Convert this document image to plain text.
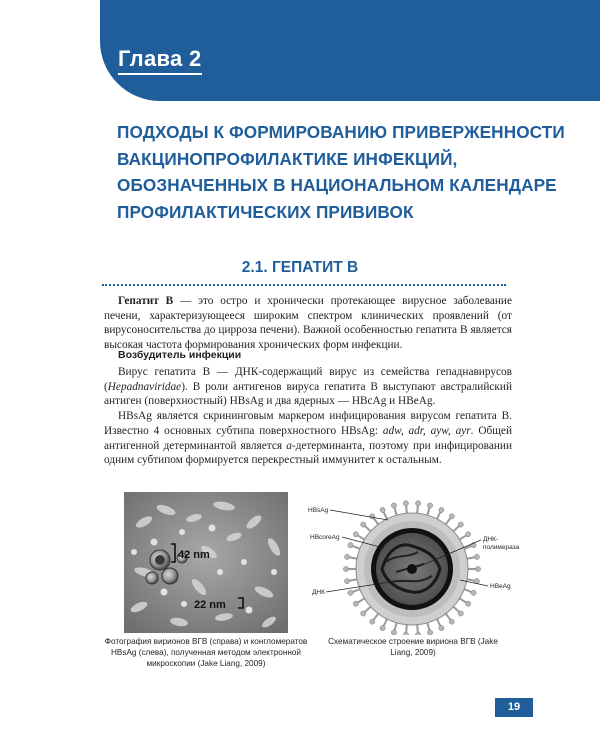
Глава 2
ПОДХОДЫ К ФОРМИРОВАНИЮ ПРИВЕРЖЕННОСТИ
ВАКЦИНОПРОФИЛАКТИКЕ ИНФЕКЦИЙ,
ОБОЗНАЧЕННЫХ В НАЦИОНАЛЬНОМ КАЛЕНДАРЕ
ПРОФИЛАКТИЧЕСКИХ ПРИВИВОК
2.1. ГЕПАТИТ В

Гепатит В — это остро и хронически протекающее вирусное заболевание печени, характеризующееся широким спектром клинических проявлений (от вирусоносительства до цирроза печени). Важной особенностью гепатита В является высокая частота формирования хронических форм инфекции.

Возбудитель инфекции

Вирус гепатита В — ДНК-содержащий вирус из семейства гепаднавирусов (Hepadnaviridae). В роли антигенов вируса гепатита В выступают австралийский антиген (поверхностный) HBsAg и два ядерных — HBcAg и HBeAg.

HBsAg является скрининговым маркером инфицирования вирусом гепатита В. Известно 4 основных субтипа поверхностного HBsAg: adw, adr, ayw, ayr. Общей антигенной детерминантой является a-детерминанта, поэтому при инфицировании одним субтипом формируется перекрестный иммунитет к остальным.

42 nm
22 nm
Фотография вирионов ВГВ (справа) и конгломератов HBsAg (слева), полученная методом электронной микроскопии (Jake Liang, 2009)
HBsAg
HBcoreAg	ДНК-
полимераза
ДНК
HBeAg
Схематическое строение вириона ВГВ (Jake Liang, 2009)
19
